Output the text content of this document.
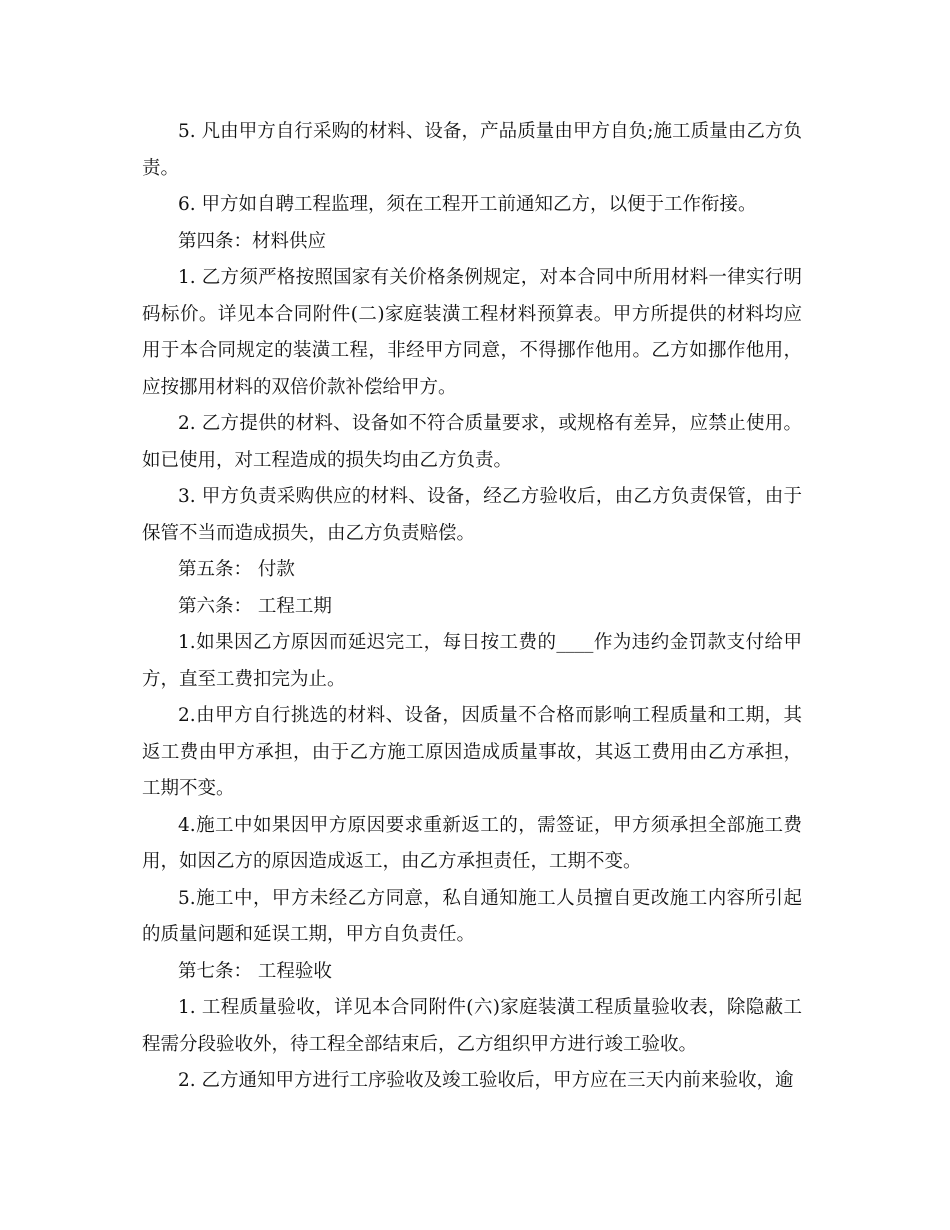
5. 凡由甲方自行采购的材料、设备，产品质量由甲方自负;施工质量由乙方负责。

6. 甲方如自聘工程监理，须在工程开工前通知乙方，以便于工作衔接。

第四条：材料供应

1. 乙方须严格按照国家有关价格条例规定，对本合同中所用材料一律实行明码标价。详见本合同附件(二)家庭装潢工程材料预算表。甲方所提供的材料均应用于本合同规定的装潢工程，非经甲方同意，不得挪作他用。乙方如挪作他用，应按挪用材料的双倍价款补偿给甲方。

2. 乙方提供的材料、设备如不符合质量要求，或规格有差异，应禁止使用。如已使用，对工程造成的损失均由乙方负责。

3. 甲方负责采购供应的材料、设备，经乙方验收后，由乙方负责保管，由于保管不当而造成损失，由乙方负责赔偿。

第五条： 付款

第六条： 工程工期

1.如果因乙方原因而延迟完工，每日按工费的____作为违约金罚款支付给甲方，直至工费扣完为止。

2.由甲方自行挑选的材料、设备，因质量不合格而影响工程质量和工期，其返工费由甲方承担，由于乙方施工原因造成质量事故，其返工费用由乙方承担，工期不变。

4.施工中如果因甲方原因要求重新返工的，需签证，甲方须承担全部施工费用，如因乙方的原因造成返工，由乙方承担责任，工期不变。

5.施工中，甲方未经乙方同意，私自通知施工人员擅自更改施工内容所引起的质量问题和延误工期，甲方自负责任。

第七条： 工程验收

1. 工程质量验收，详见本合同附件(六)家庭装潢工程质量验收表，除隐蔽工程需分段验收外，待工程全部结束后，乙方组织甲方进行竣工验收。

2. 乙方通知甲方进行工序验收及竣工验收后，甲方应在三天内前来验收，逾
